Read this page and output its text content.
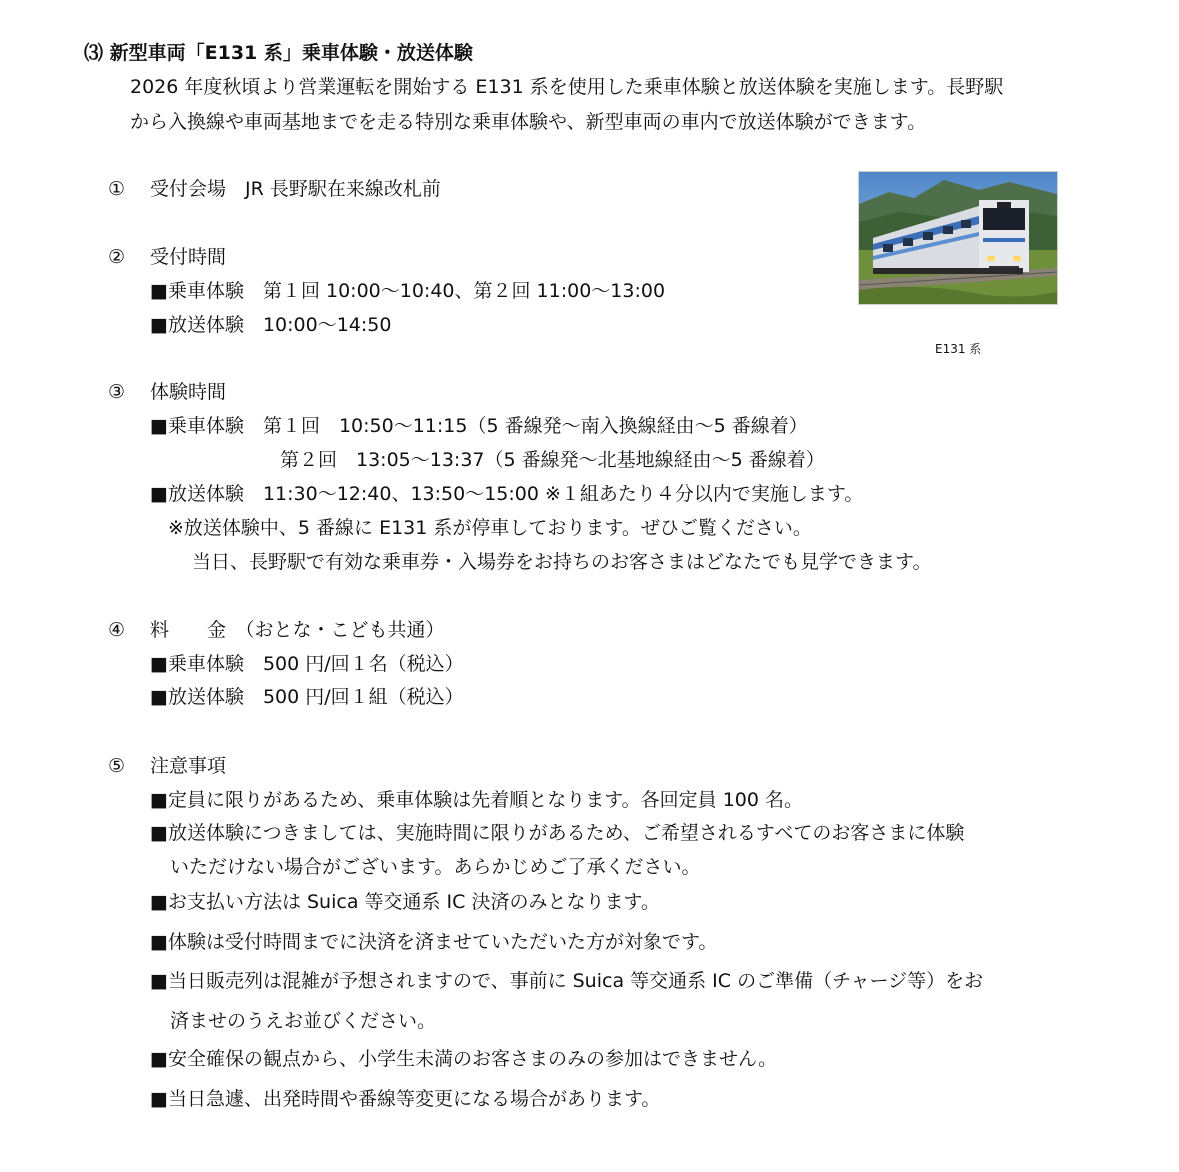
⑶ 新型車両「E131 系」乗車体験・放送体験
2026 年度秋頃より営業運転を開始する E131 系を使用した乗車体験と放送体験を実施します。長野駅
から入換線や車両基地までを走る特別な乗車体験や、新型車両の車内で放送体験ができます。
E131 系
① 受付会場　JR 長野駅在来線改札前
② 受付時間
■乗車体験　第１回 10:00〜10:40、第２回 11:00〜13:00
■放送体験　10:00〜14:50
③ 体験時間
■乗車体験　第１回　10:50〜11:15（5 番線発〜南入換線経由〜5 番線着）
第２回　13:05〜13:37（5 番線発〜北基地線経由〜5 番線着）
■放送体験　11:30〜12:40、13:50〜15:00 ※１組あたり４分以内で実施します。
※放送体験中、5 番線に E131 系が停車しております。ぜひご覧ください。
当日、長野駅で有効な乗車券・入場券をお持ちのお客さまはどなたでも見学できます。
④ 料　　金　（おとな・こども共通）
■乗車体験　500 円/回１名（税込）
■放送体験　500 円/回１組（税込）
⑤ 注意事項
■定員に限りがあるため、乗車体験は先着順となります。各回定員 100 名。
■放送体験につきましては、実施時間に限りがあるため、ご希望されるすべてのお客さまに体験
いただけない場合がございます。あらかじめご了承ください。
■お支払い方法は Suica 等交通系 IC 決済のみとなります。
■体験は受付時間までに決済を済ませていただいた方が対象です。
■当日販売列は混雑が予想されますので、事前に Suica 等交通系 IC のご準備（チャージ等）をお
済ませのうえお並びください。
■安全確保の観点から、小学生未満のお客さまのみの参加はできません。
■当日急遽、出発時間や番線等変更になる場合があります。
